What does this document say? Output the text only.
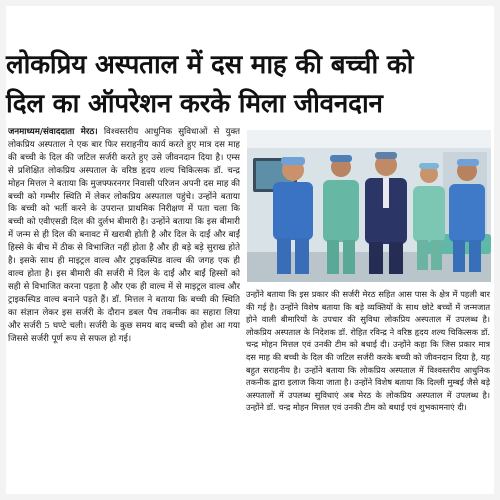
लोकप्रिय अस्पताल में दस माह की बच्ची को
दिल का ऑपरेशन करके मिला जीवनदान

जनमाध्यम/संवाददाता मेरठ। विश्वस्तरीय आधुनिक सुविधाओं से युक्त लोकप्रिय अस्पताल ने एक बार फिर सराहनीय कार्य करते हुए मात्र दस माह की बच्ची के दिल की जटिल सर्जरी करते हुए उसे जीवनदान दिया है। एम्स से प्रशिक्षित लोकप्रिय अस्पताल के वरिष्ठ हृदय शल्य चिकित्सक डॉ. चन्द्र मोहन मित्तल ने बताया कि मुजफ्फरनगर निवासी परिजन अपनी दस माह की बच्ची को गम्भीर स्थिति में लेकर लोकप्रिय अस्पताल पहुंचे। उन्होंने बताया कि बच्ची को भर्ती करने के उपरान्त प्राथमिक निरीक्षण में पता चला कि बच्ची को एवीएसडी दिल की दुर्लभ बीमारी है। उन्होंने बताया कि इस बीमारी में जन्म से ही दिल की बनावट में खराबी होती है और दिल के दाईं और बाईं हिस्से के बीच में ठीक से विभाजित नहीं होता है और ही बड़े बड़े सुराख होते है। इसके साथ ही माइट्रल वाल्व और ट्राइकस्पिड वाल्व की जगह एक ही वाल्व होता है। इस बीमारी की सर्जरी में दिल के दाईं और बाईं हिस्सों को सही से विभाजित करना पड़ता है और एक ही वाल्व में से माइट्रल वाल्व और ट्राइकस्पिड वाल्व बनाने पड़ते हैं। डॉ. मित्तल ने बताया कि बच्ची की स्थिति का संज्ञान लेकर इस सर्जरी के दौरान डबल पैच तकनीक का सहारा लिया और सर्जरी 5 घण्टे चली। सर्जरी के कुछ समय बाद बच्ची को होश आ गया जिससे सर्जरी पूर्ण रूप से सफल हो गई।

उन्होंने बताया कि इस प्रकार की सर्जरी मेरठ सहित आस पास के क्षेत्र में पहली बार की गई है। उन्होंने विशेष बताया कि बड़े व्यक्तियों के साथ छोटे बच्चों में जन्मजात होने वाली बीमारियों के उपचार की सुविधा लोकप्रिय अस्पताल में उपलब्ध है। लोकप्रिय अस्पताल के निदेशक डॉ. रोहित रविन्द्र ने वरिष्ठ हृदय शल्य चिकित्सक डॉ. चन्द्र मोहन मित्तल एवं उनकी टीम को बधाई दी। उन्होंने कहा कि जिस प्रकार मात्र दस माह की बच्ची के दिल की जटिल सर्जरी करके बच्ची को जीवनदान दिया है, यह बहुत सराहनीय है। उन्होंने बताया कि लोकप्रिय अस्पताल में विश्वस्तरीय आधुनिक तकनीक द्वारा इलाज किया जाता है। उन्होंने विशेष बताया कि दिल्ली मुम्बई जैसे बड़े अस्पतालों में उपलब्ध सुविधाएं अब मेरठ के लोकप्रिय अस्पताल में उपलब्ध है। उन्होंने डॉ. चन्द्र मोहन मित्तल एवं उनकी टीम को बधाई एवं शुभकामनाएं दी।
